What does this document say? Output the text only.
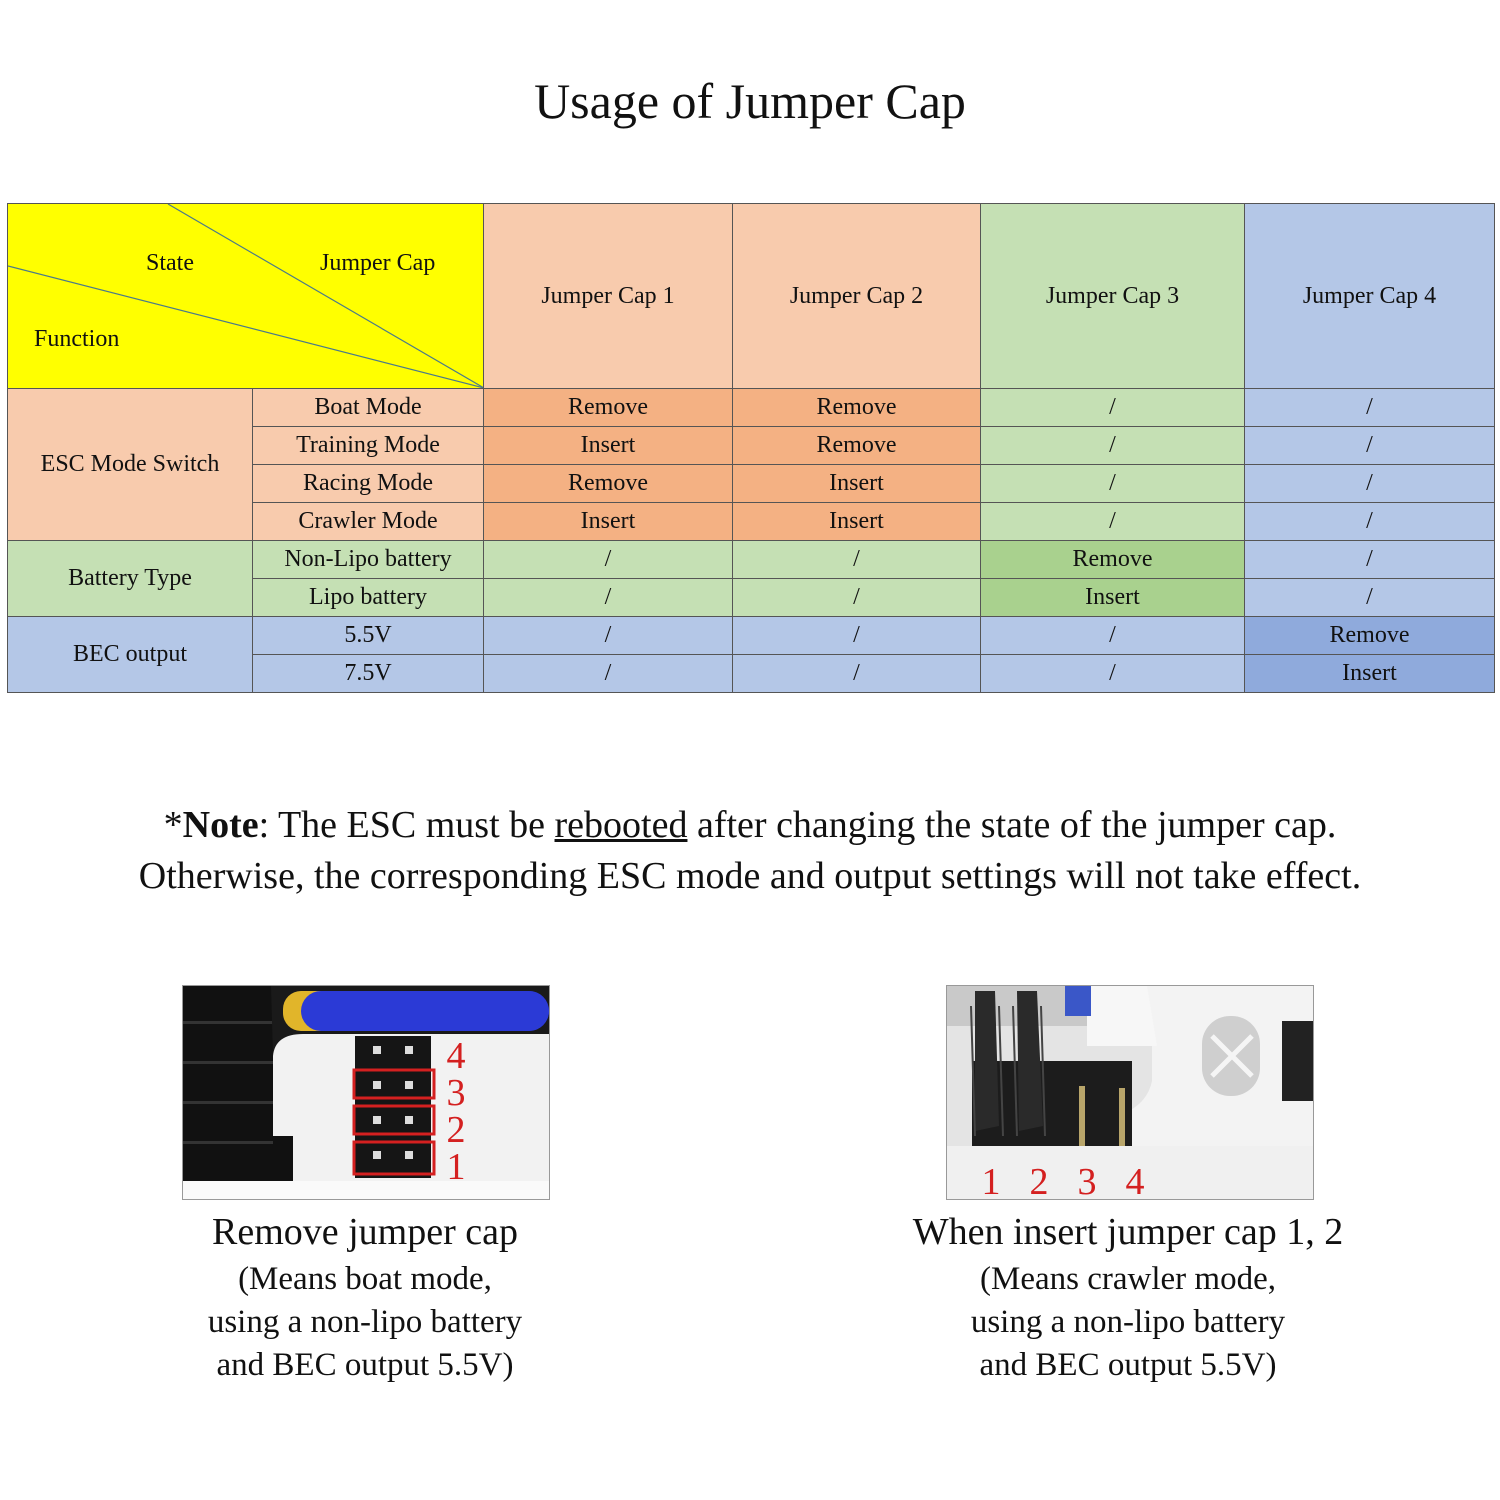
Usage of Jumper Cap
State Jumper Cap
Function		Jumper Cap 1	Jumper Cap 2	Jumper Cap 3	Jumper Cap 4
ESC Mode Switch	Boat Mode	Remove	Remove	/	/
	Training Mode	Insert	Remove	/	/
	Racing Mode	Remove	Insert	/	/
	Crawler Mode	Insert	Insert	/	/
Battery Type	Non-Lipo battery	/	/	Remove	/
	Lipo battery	/	/	Insert	/
BEC output	5.5V	/	/	/	Remove
	7.5V	/	/	/	Insert
*Note: The ESC must be rebooted after changing the state of the jumper cap.
Otherwise, the corresponding ESC mode and output settings will not take effect.
4
3
2
1
Remove jumper cap
(Means boat mode,
using a non-lipo battery
and BEC output 5.5V)
1 2 3 4
When insert jumper cap 1, 2
(Means crawler mode,
using a non-lipo battery
and BEC output 5.5V)
